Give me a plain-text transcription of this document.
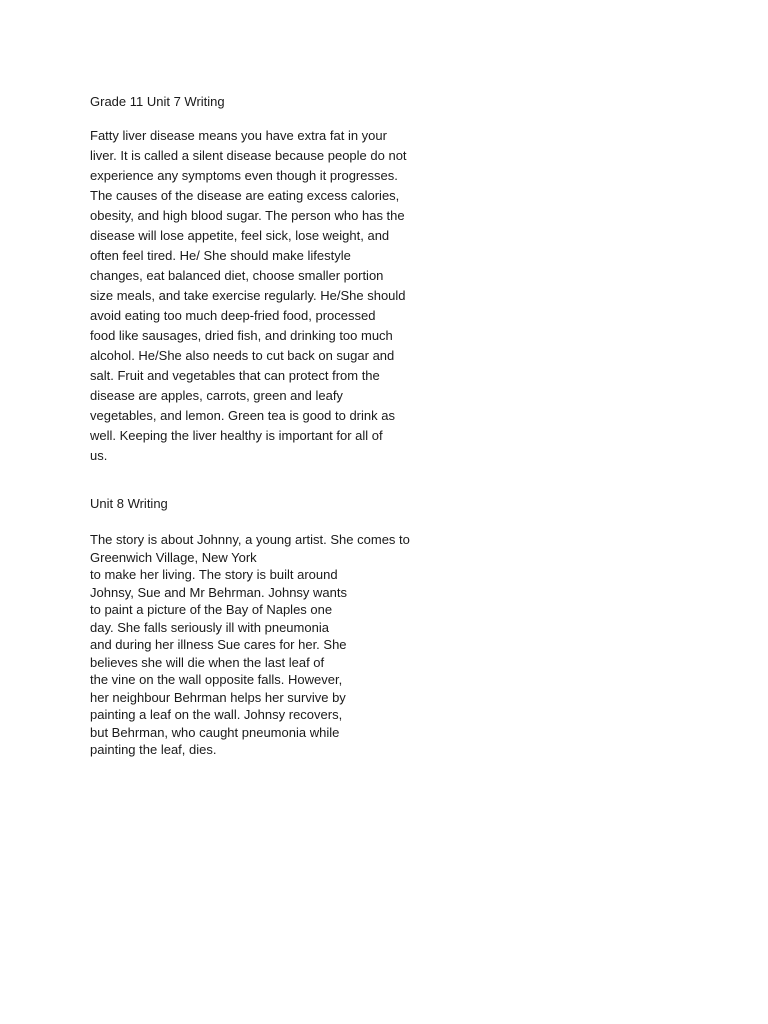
Grade 11 Unit 7 Writing

Fatty liver disease means you have extra fat in your
liver. It is called a silent disease because people do not
experience any symptoms even though it progresses.
The causes of the disease are eating excess calories,
obesity, and high blood sugar. The person who has the
disease will lose appetite, feel sick, lose weight, and
often feel tired. He/ She should make lifestyle
changes, eat balanced diet, choose smaller portion
size meals, and take exercise regularly. He/She should
avoid eating too much deep-fried food, processed
food like sausages, dried fish, and drinking too much
alcohol. He/She also needs to cut back on sugar and
salt. Fruit and vegetables that can protect from the
disease are apples, carrots, green and leafy
vegetables, and lemon. Green tea is good to drink as
well. Keeping the liver healthy is important for all of
us.

Unit 8 Writing

The story is about Johnny, a young artist. She comes to
Greenwich Village, New York
to make her living. The story is built around
Johnsy, Sue and Mr Behrman. Johnsy wants
to paint a picture of the Bay of Naples one
day. She falls seriously ill with pneumonia
and during her illness Sue cares for her. She
believes she will die when the last leaf of
the vine on the wall opposite falls. However,
her neighbour Behrman helps her survive by
painting a leaf on the wall. Johnsy recovers,
but Behrman, who caught pneumonia while
painting the leaf, dies.
